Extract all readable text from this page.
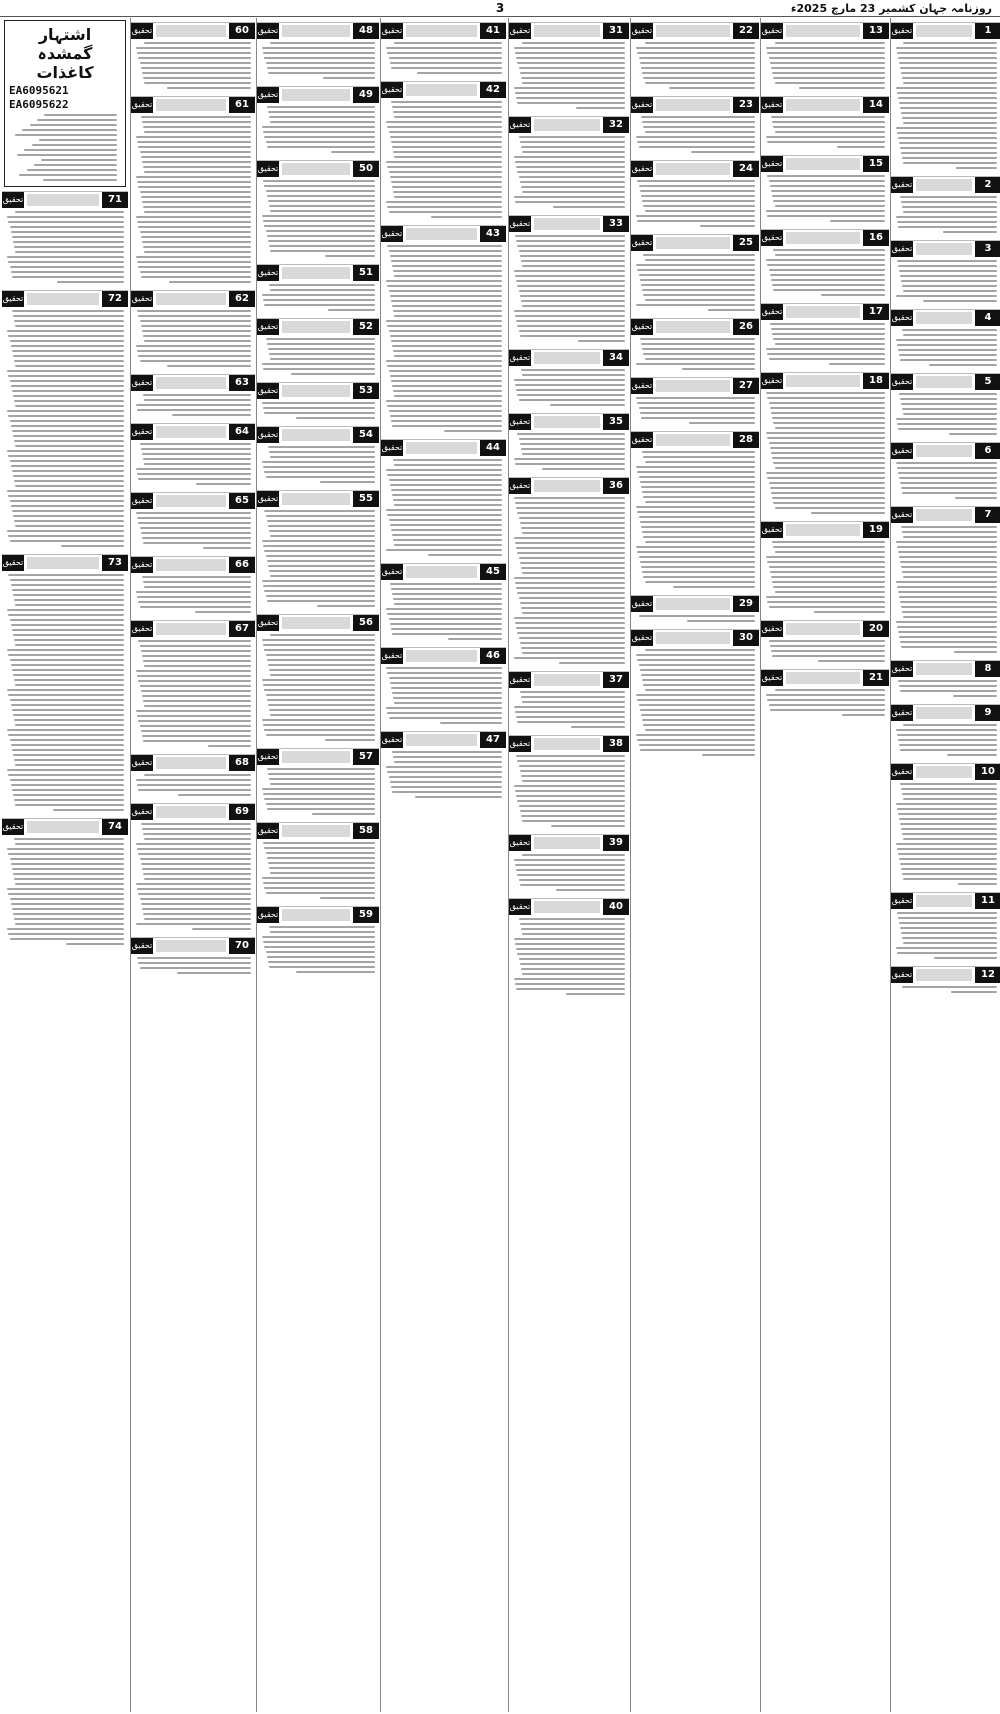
روزنامہ جہان کشمیر 23 مارچ 2025ء
3
1
تحقیق
2
تحقیق
3
تحقیق
4
تحقیق
5
تحقیق
6
تحقیق
7
تحقیق
8
تحقیق
9
تحقیق
10
تحقیق
11
تحقیق
12
تحقیق
13
تحقیق
14
تحقیق
15
تحقیق
16
تحقیق
17
تحقیق
18
تحقیق
19
تحقیق
20
تحقیق
21
تحقیق
22
تحقیق
23
تحقیق
24
تحقیق
25
تحقیق
26
تحقیق
27
تحقیق
28
تحقیق
29
تحقیق
30
تحقیق
31
تحقیق
32
تحقیق
33
تحقیق
34
تحقیق
35
تحقیق
36
تحقیق
37
تحقیق
38
تحقیق
39
تحقیق
40
تحقیق
41
تحقیق
42
تحقیق
43
تحقیق
44
تحقیق
45
تحقیق
46
تحقیق
47
تحقیق
48
تحقیق
49
تحقیق
50
تحقیق
51
تحقیق
52
تحقیق
53
تحقیق
54
تحقیق
55
تحقیق
56
تحقیق
57
تحقیق
58
تحقیق
59
تحقیق
60
تحقیق
61
تحقیق
62
تحقیق
63
تحقیق
64
تحقیق
65
تحقیق
66
تحقیق
67
تحقیق
68
تحقیق
69
تحقیق
70
تحقیق
اشتہار گمشدہ کاغذات
EA6095621
EA6095622
71
تحقیق
72
تحقیق
73
تحقیق
74
تحقیق
